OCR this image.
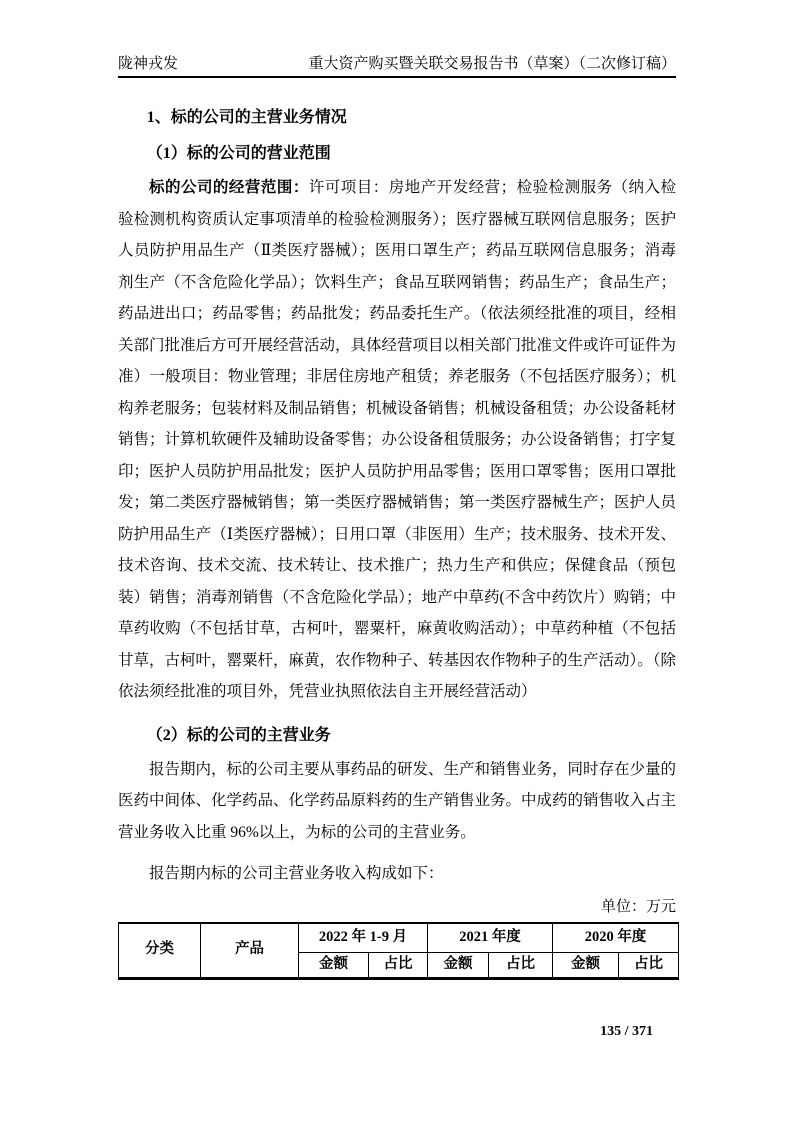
陇神戎发	重大资产购买暨关联交易报告书（草案）（二次修订稿）
1、标的公司的主营业务情况
（1）标的公司的营业范围

标的公司的经营范围：许可项目：房地产开发经营；检验检测服务（纳入检验检测机构资质认定事项清单的检验检测服务）；医疗器械互联网信息服务；医护人员防护用品生产（Ⅱ类医疗器械）；医用口罩生产；药品互联网信息服务；消毒剂生产（不含危险化学品）；饮料生产；食品互联网销售；药品生产；食品生产；药品进出口；药品零售；药品批发；药品委托生产。（依法须经批准的项目，经相关部门批准后方可开展经营活动，具体经营项目以相关部门批准文件或许可证件为准）一般项目：物业管理；非居住房地产租赁；养老服务（不包括医疗服务）；机构养老服务；包装材料及制品销售；机械设备销售；机械设备租赁；办公设备耗材销售；计算机软硬件及辅助设备零售；办公设备租赁服务；办公设备销售；打字复印；医护人员防护用品批发；医护人员防护用品零售；医用口罩零售；医用口罩批发；第二类医疗器械销售；第一类医疗器械销售；第一类医疗器械生产；医护人员防护用品生产（Ⅰ类医疗器械）；日用口罩（非医用）生产；技术服务、技术开发、技术咨询、技术交流、技术转让、技术推广；热力生产和供应；保健食品（预包装）销售；消毒剂销售（不含危险化学品）；地产中草药(不含中药饮片）购销；中草药收购（不包括甘草，古柯叶，罂粟杆，麻黄收购活动）；中草药种植（不包括甘草，古柯叶，罂粟杆，麻黄，农作物种子、转基因农作物种子的生产活动）。（除依法须经批准的项目外，凭营业执照依法自主开展经营活动）

（2）标的公司的主营业务

报告期内，标的公司主要从事药品的研发、生产和销售业务，同时存在少量的医药中间体、化学药品、化学药品原料药的生产销售业务。中成药的销售收入占主营业务收入比重 96%以上，为标的公司的主营业务。

报告期内标的公司主营业务收入构成如下：

单位：万元
分类	产品	2022 年 1-9 月		2021 年度		2020 年度	
		金额	占比	金额	占比	金额	占比
135 / 371
